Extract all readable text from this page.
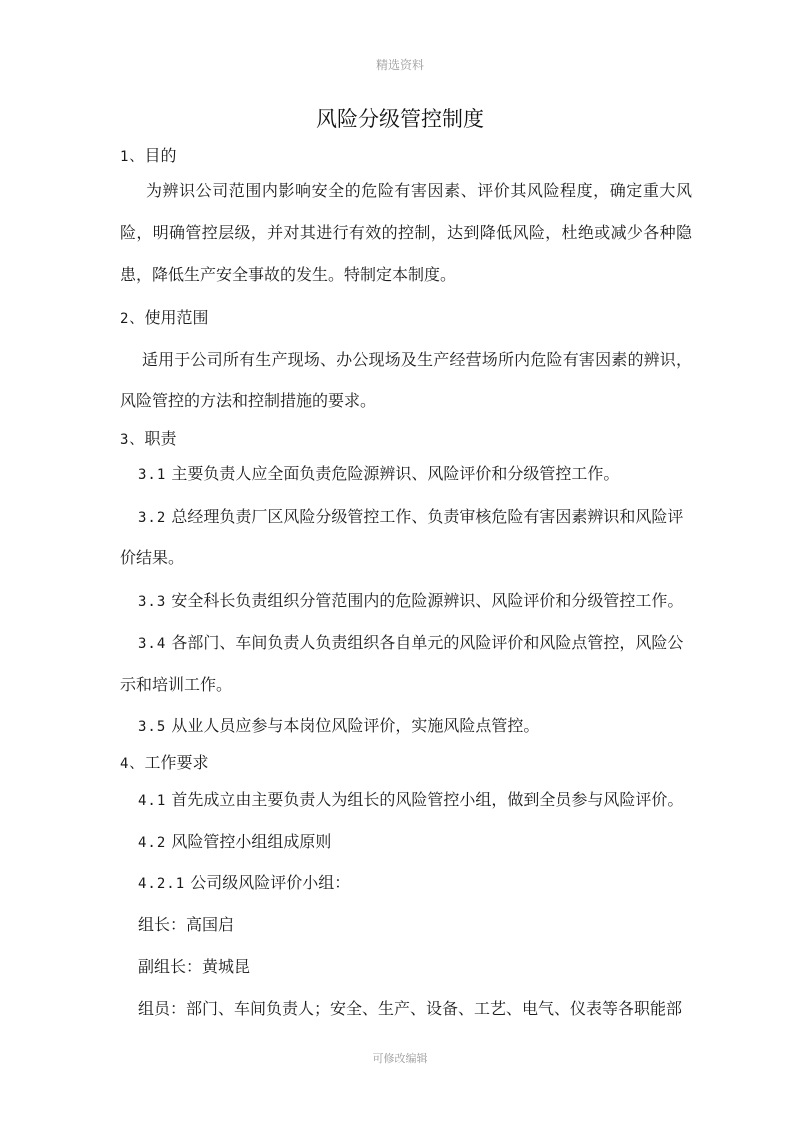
精选资料
风险分级管控制度
1、目的
为辨识公司范围内影响安全的危险有害因素、评价其风险程度，确定重大风
险，明确管控层级，并对其进行有效的控制，达到降低风险，杜绝或减少各种隐
患，降低生产安全事故的发生。特制定本制度。
2、使用范围
适用于公司所有生产现场、办公现场及生产经营场所内危险有害因素的辨识，
风险管控的方法和控制措施的要求。
3、职责
3.1 主要负责人应全面负责危险源辨识、风险评价和分级管控工作。
3.2 总经理负责厂区风险分级管控工作、负责审核危险有害因素辨识和风险评
价结果。
3.3 安全科长负责组织分管范围内的危险源辨识、风险评价和分级管控工作。
3.4 各部门、车间负责人负责组织各自单元的风险评价和风险点管控，风险公
示和培训工作。
3.5 从业人员应参与本岗位风险评价，实施风险点管控。
4、工作要求
4.1 首先成立由主要负责人为组长的风险管控小组，做到全员参与风险评价。
4.2 风险管控小组组成原则
4.2.1 公司级风险评价小组：
组长：高国启
副组长：黄城昆
组员：部门、车间负责人；安全、生产、设备、工艺、电气、仪表等各职能部
可修改编辑
